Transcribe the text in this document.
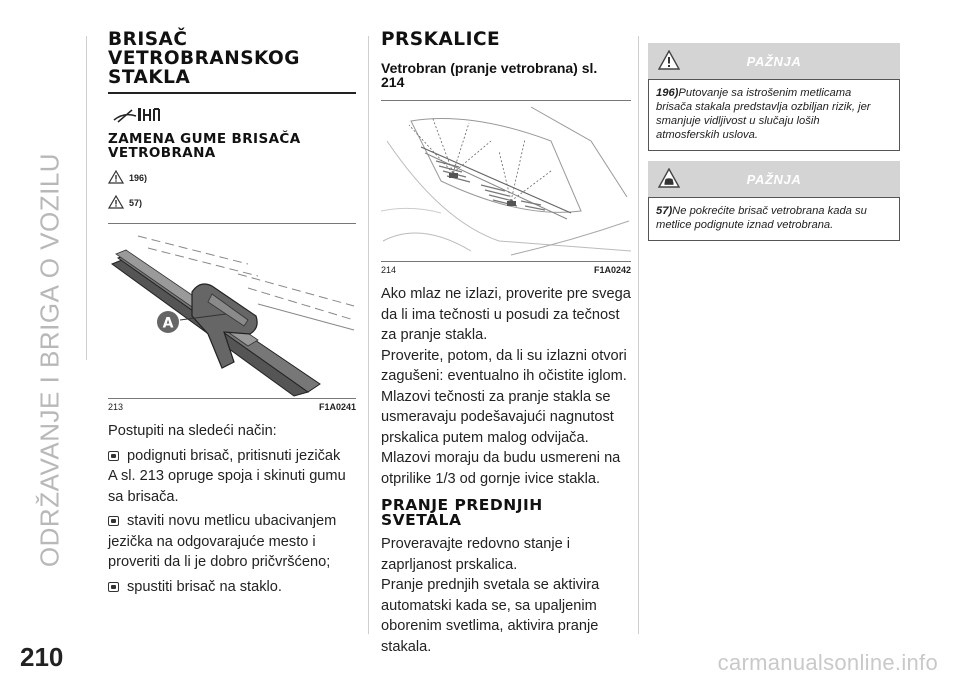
ODRŽAVANJE I BRIGA O VOZILU
210	carmanualsonline.info
BRISAČ
VETROBRANSKOG
STAKLA
ZAMENA GUME BRISAČA
VETROBRANA
196)
57)
A
213	F1A0241
Postupiti na sledeći način:
podignuti brisač, pritisnuti jezičak A sl. 213 opruge spoja i skinuti gumu sa brisača.
staviti novu metlicu ubacivanjem jezička na odgovarajuće mesto i proveriti da li je dobro pričvršćeno;
spustiti brisač na staklo.
PRSKALICE
Vetrobran (pranje vetrobrana) sl.
214
214	F1A0242
Ako mlaz ne izlazi, proverite pre svega
da li ima tečnosti u posudi za tečnost
za pranje stakla.
Proverite, potom, da li su izlazni otvori
zagušeni: eventualno ih očistite iglom.
Mlazovi tečnosti za pranje stakla se
usmeravaju podešavajući nagnutost
prskalica putem malog odvijača.
Mlazovi moraju da budu usmereni na
otprilike 1/3 od gornje ivice stakla.
PRANJE PREDNJIH
SVETALA
Proveravajte redovno stanje i
zaprljanost prskalica.
Pranje prednjih svetala se aktivira
automatski kada se, sa upaljenim
oborenim svetlima, aktivira pranje
stakala.
PAŽNJA
196)Putovanje sa istrošenim metlicama
brisača stakala predstavlja ozbiljan rizik, jer
smanjuje vidljivost u slučaju loših
atmosferskih uslova.
PAŽNJA
57)Ne pokrećite brisač vetrobrana kada su
metlice podignute iznad vetrobrana.
